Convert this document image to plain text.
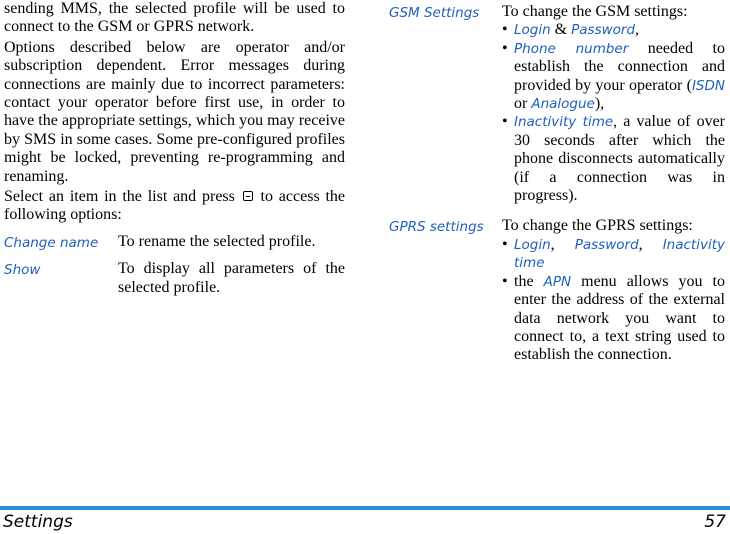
sending MMS, the selected profile will be used to connect to the GSM or GPRS network.

Options described below are operator and/or subscription dependent. Error messages during connections are mainly due to incorrect parameters: contact your operator before first use, in order to have the appropriate settings, which you may receive by SMS in some cases. Some pre-configured profiles might be locked, preventing re-programming and renaming.

Select an item in the list and press to access the following options:

Change name	To rename the selected profile.
Show	To display all parameters of the selected profile.
GSM Settings	To change the GSM settings:
• Login & Password,
• Phone number needed to establish the connection and provided by your operator (ISDN or Analogue),
• Inactivity time, a value of over 30 seconds after which the phone disconnects automatically (if a connection was in progress).
GPRS settings	To change the GPRS settings:
• Login, Password, Inactivity time
• the APN menu allows you to enter the address of the external data network you want to connect to, a text string used to establish the connection.
Settings	57
